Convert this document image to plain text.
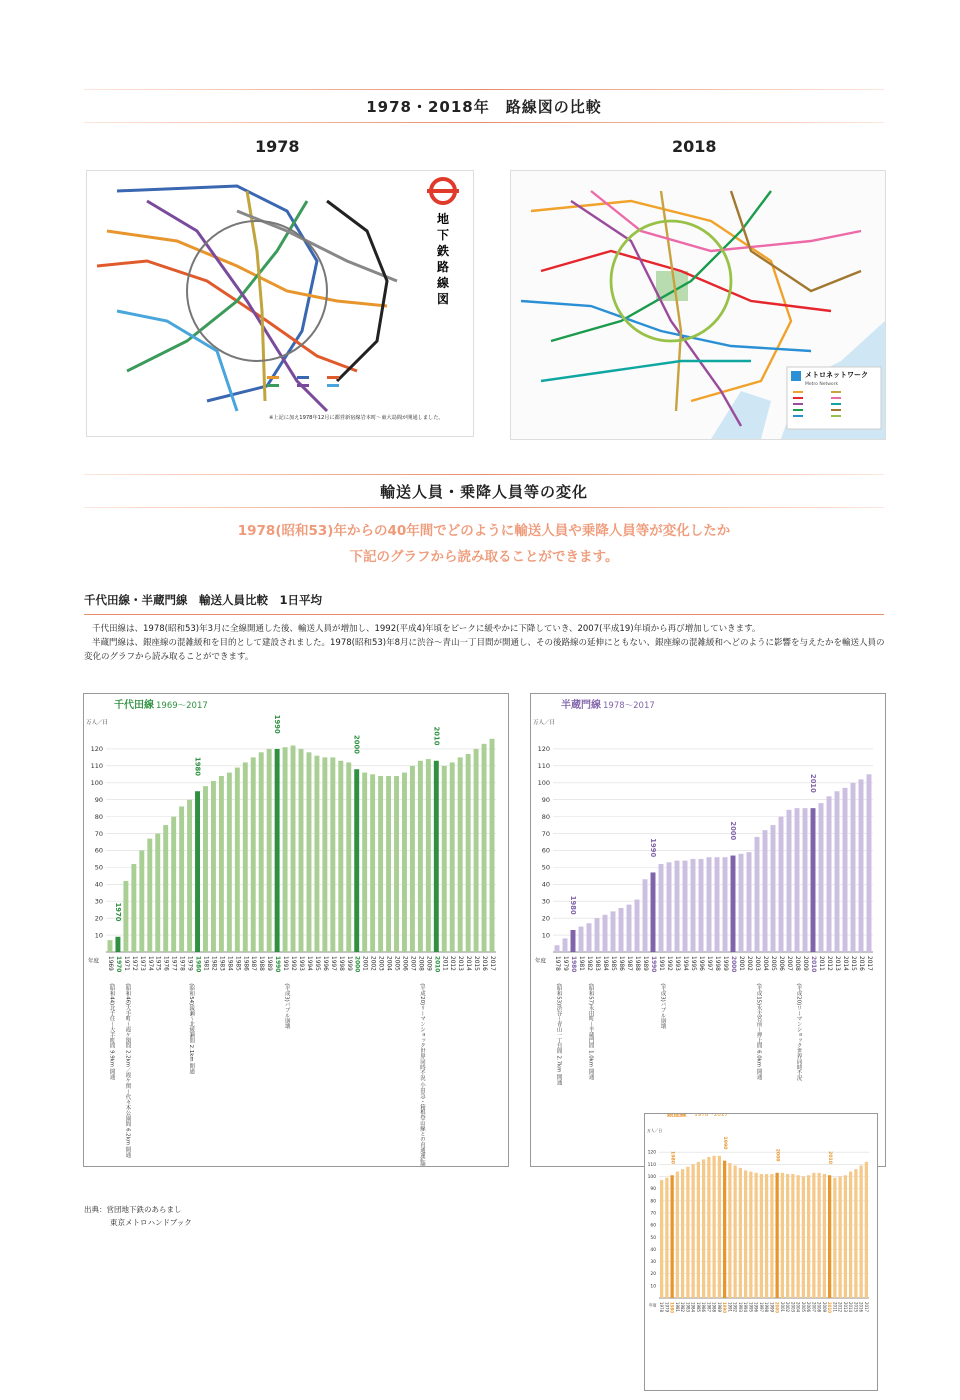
1978・2018年　路線図の比較
1978	2018
地下鉄路線図
※上記に加え1978年12月に都営新宿線岩本町～東大島間が開通しました。
メトロネットワーク
Metro Network
輸送人員・乗降人員等の変化
1978(昭和53)年からの40年間でどのように輸送人員や乗降人員等が変化したか
下記のグラフから読み取ることができます。
千代田線・半蔵門線　輸送人員比較　1日平均
千代田線は、1978(昭和53)年3月に全線開通した後、輸送人員が増加し、1992(平成4)年頃をピークに緩やかに下降していき、2007(平成19)年頃から再び増加していきます。
半蔵門線は、銀座線の混雑緩和を目的として建設されました。1978(昭和53)年8月に渋谷～青山一丁目間が開通し、その後路線の延伸にともない、銀座線の混雑緩和へどのように影響を与えたかを輸送人員の変化のグラフから読み取ることができます。
千代田線 1969～2017
万人／日
10
20
30
40
50
60
70
80
90
100
110
120
年度 1969 1970
1970
1971 1972 1973 1974 1975 1976 1977 1978 1979 1980
1980
1981 1982 1983 1984 1985 1986 1987 1988 1989 1990
1990
1991 1992 1993 1994 1995 1996 1997 1998 1999 2000
2000
2001 2002 2003 2004 2005 2006 2007 2008 2009 2010
2010
2011 2012 2013 2014 2015 2016 2017
(昭和44)北千住～大手町間 9.9km 開通 (昭和46)大手町～霞ケ関間 2.2km／霞ケ関～代々木公園間 6.2km 開通	(昭和54)綾瀬～北綾瀬間 2.1km 開通	(平成3)バブル崩壊	(平成20)リーマンショック世界同時不況 小田急・箱根登山線との直通運転開始
半蔵門線 1978～2017
万人／日
10
20
30
40
50
60
70
80
90
100
110
120
年度 1978 1979 1980
1980
1981 1982 1983 1984 1985 1986 1987 1988 1989 1990
1990
1991 1992 1993 1994 1995 1996 1997 1998 1999 2000
2000
2001 2002 2003 2004 2005 2006 2007 2008 2009 2010
2010
2011 2012 2013 2014 2015 2016 2017
(昭和53)渋谷～青山一丁目間 2.7km 開通	(昭和57)永田町～半蔵門間 1.0km 開通	(平成3)バブル崩壊	(平成15)水天宮前～押上間 6.0km 開通	(平成20)リーマンショック世界同時不況
銀座線 1978～2017
万人／日
10
20
30
40
50
60
70
80
90
100
110
120
年度 1978 1979 1980
1980
1981 1982 1983 1984 1985 1986 1987 1988 1989 1990
1990
1991 1992 1993 1994 1995 1996 1997 1998 1999 2000
2000
2001 2002 2003 2004 2005 2006 2007 2008 2009 2010
2010
2011 2012 2013 2014 2015 2016 2017
出典：営団地下鉄のあらまし
東京メトロハンドブック
